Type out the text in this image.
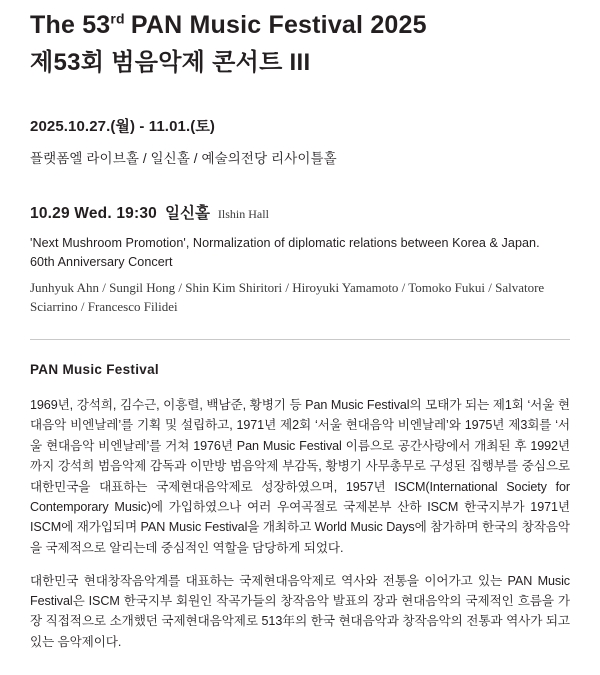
The 53rd PAN Music Festival 2025
제53회 범음악제 콘서트 III
2025.10.27.(월) - 11.01.(토)
플랫폼엘 라이브홀 / 일신홀 / 예술의전당 리사이틀홀
10.29 Wed. 19:30 일신홀 Ilshin Hall
'Next Mushroom Promotion', Normalization of diplomatic relations between Korea & Japan. 60th Anniversary Concert
Junhyuk Ahn / Sungil Hong / Shin Kim Shiritori / Hiroyuki Yamamoto / Tomoko Fukui / Salvatore Sciarrino / Francesco Filidei
PAN Music Festival

1969년, 강석희, 김수근, 이흥렬, 백남준, 황병기 등 Pan Music Festival의 모태가 되는 제1회 ‘서울 현대음악 비엔날레’를 기획 및 설립하고, 1971년 제2회 ‘서울 현대음악 비엔날레’와 1975년 제3회를 ‘서울 현대음악 비엔날레’를 거쳐 1976년 Pan Music Festival 이름으로 공간사랑에서 개최된 후 1992년까지 강석희 범음악제 감독과 이만방 범음악제 부감독, 황병기 사무총무로 구성된 집행부를 중심으로 대한민국을 대표하는 국제현대음악제로 성장하였으며, 1957년 ISCM(International Society for Contemporary Music)에 가입하였으나 여러 우여곡절로 국제본부 산하 ISCM 한국지부가 1971년 ISCM에 재가입되며 PAN Music Festival을 개최하고 World Music Days에 참가하며 한국의 창작음악을 국제적으로 알리는데 중심적인 역할을 담당하게 되었다.

대한민국 현대창작음악계를 대표하는 국제현대음악제로 역사와 전통을 이어가고 있는 PAN Music Festival은 ISCM 한국지부 회원인 작곡가들의 창작음악 발표의 장과 현대음악의 국제적인 흐름을 가장 직접적으로 소개했던 국제현대음악제로 513年의 한국 현대음악과 창작음악의 전통과 역사가 되고 있는 음악제이다.
